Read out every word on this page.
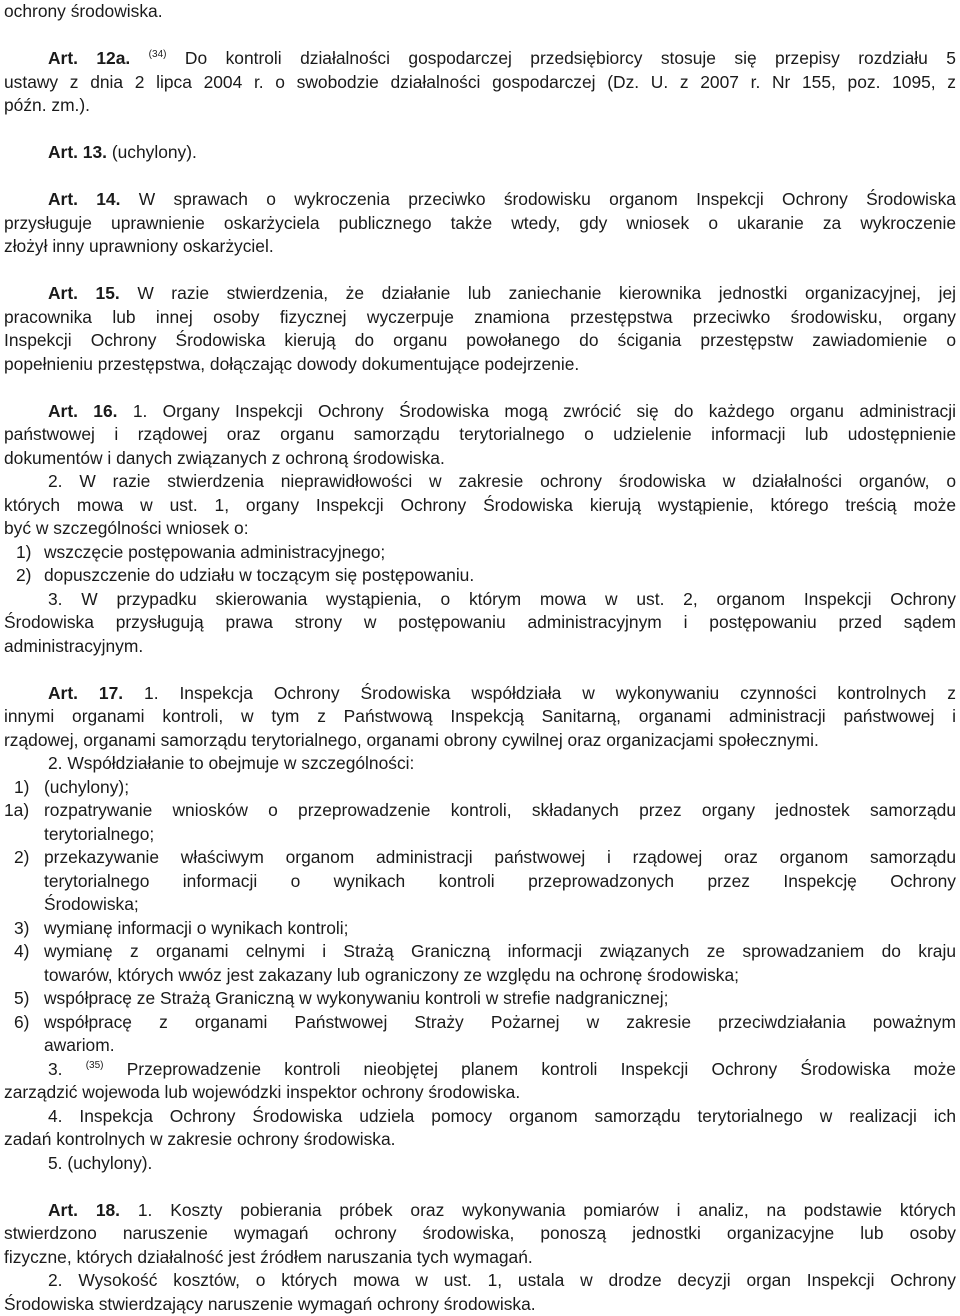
ochrony środowiska.
Art. 12a. $^{(34)}$ Do kontroli działalności gospodarczej przedsiębiorcy stosuje się przepisy rozdziału 5
ustawy z dnia 2 lipca 2004 r. o swobodzie działalności gospodarczej (Dz. U. z 2007 r. Nr 155, poz. 1095, z
późn. zm.).
Art. 13. (uchylony).
Art. 14. W sprawach o wykroczenia przeciwko środowisku organom Inspekcji Ochrony Środowiska
przysługuje uprawnienie oskarżyciela publicznego także wtedy, gdy wniosek o ukaranie za wykroczenie
złożył inny uprawniony oskarżyciel.
Art. 15. W razie stwierdzenia, że działanie lub zaniechanie kierownika jednostki organizacyjnej, jej
pracownika lub innej osoby fizycznej wyczerpuje znamiona przestępstwa przeciwko środowisku, organy
Inspekcji Ochrony Środowiska kierują do organu powołanego do ścigania przestępstw zawiadomienie o
popełnieniu przestępstwa, dołączając dowody dokumentujące podejrzenie.
Art. 16. 1. Organy Inspekcji Ochrony Środowiska mogą zwrócić się do każdego organu administracji
państwowej i rządowej oraz organu samorządu terytorialnego o udzielenie informacji lub udostępnienie
dokumentów i danych związanych z ochroną środowiska.
2. W razie stwierdzenia nieprawidłowości w zakresie ochrony środowiska w działalności organów, o
których mowa w ust. 1, organy Inspekcji Ochrony Środowiska kierują wystąpienie, którego treścią może
być w szczególności wniosek o:
1) wszczęcie postępowania administracyjnego;
2) dopuszczenie do udziału w toczącym się postępowaniu.
3. W przypadku skierowania wystąpienia, o którym mowa w ust. 2, organom Inspekcji Ochrony
Środowiska przysługują prawa strony w postępowaniu administracyjnym i postępowaniu przed sądem
administracyjnym.
Art. 17. 1. Inspekcja Ochrony Środowiska współdziała w wykonywaniu czynności kontrolnych z
innymi organami kontroli, w tym z Państwową Inspekcją Sanitarną, organami administracji państwowej i
rządowej, organami samorządu terytorialnego, organami obrony cywilnej oraz organizacjami społecznymi.
2. Współdziałanie to obejmuje w szczególności:
1) (uchylony);
1a) rozpatrywanie wniosków o przeprowadzenie kontroli, składanych przez organy jednostek samorządu
terytorialnego;
2) przekazywanie właściwym organom administracji państwowej i rządowej oraz organom samorządu
terytorialnego informacji o wynikach kontroli przeprowadzonych przez Inspekcję Ochrony
Środowiska;
3) wymianę informacji o wynikach kontroli;
4) wymianę z organami celnymi i Strażą Graniczną informacji związanych ze sprowadzaniem do kraju
towarów, których wwóz jest zakazany lub ograniczony ze względu na ochronę środowiska;
5) współpracę ze Strażą Graniczną w wykonywaniu kontroli w strefie nadgranicznej;
6) współpracę z organami Państwowej Straży Pożarnej w zakresie przeciwdziałania poważnym
awariom.
3. $^{(35)}$ Przeprowadzenie kontroli nieobjętej planem kontroli Inspekcji Ochrony Środowiska może
zarządzić wojewoda lub wojewódzki inspektor ochrony środowiska.
4. Inspekcja Ochrony Środowiska udziela pomocy organom samorządu terytorialnego w realizacji ich
zadań kontrolnych w zakresie ochrony środowiska.
5. (uchylony).
Art. 18. 1. Koszty pobierania próbek oraz wykonywania pomiarów i analiz, na podstawie których
stwierdzono naruszenie wymagań ochrony środowiska, ponoszą jednostki organizacyjne lub osoby
fizyczne, których działalność jest źródłem naruszania tych wymagań.
2. Wysokość kosztów, o których mowa w ust. 1, ustala w drodze decyzji organ Inspekcji Ochrony
Środowiska stwierdzający naruszenie wymagań ochrony środowiska.
